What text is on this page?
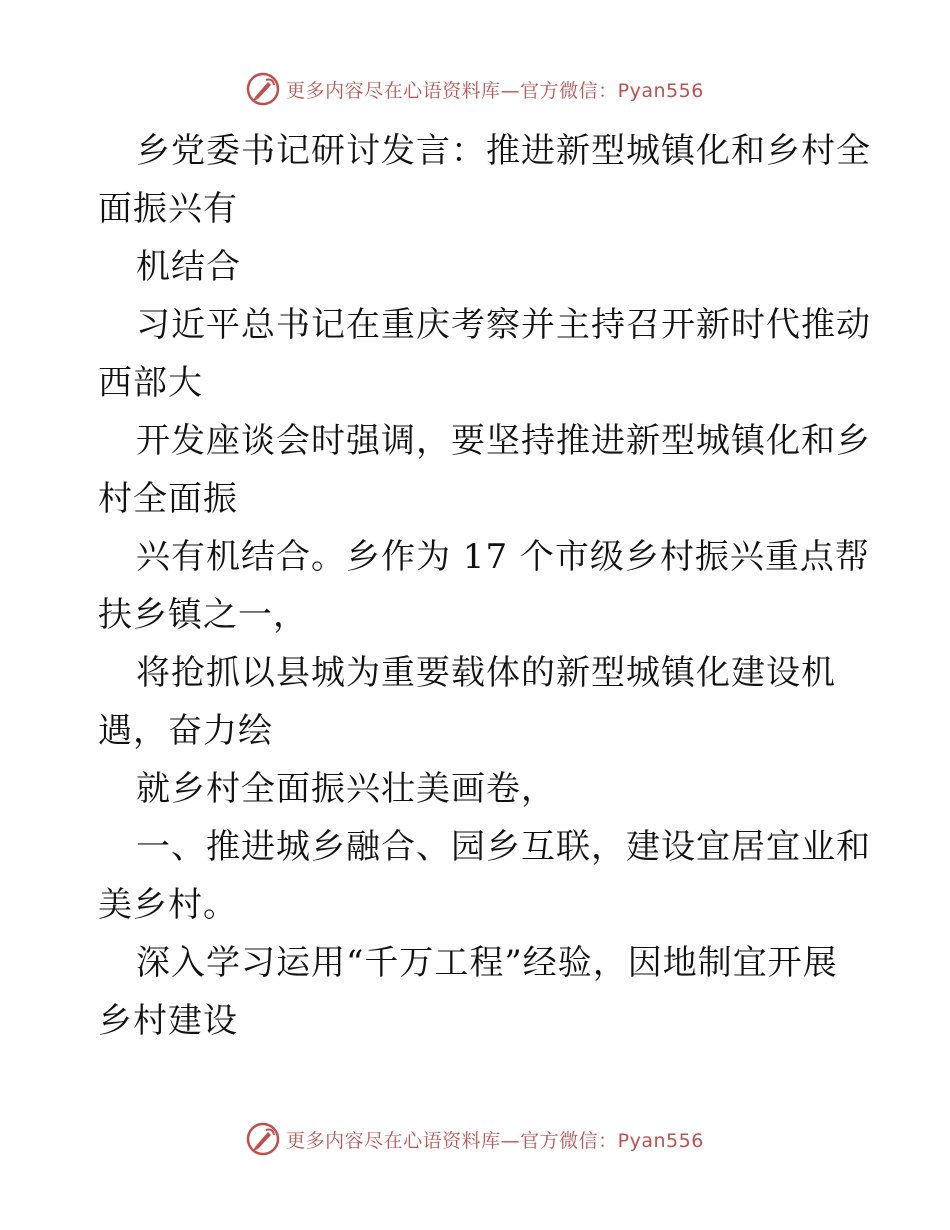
更多内容尽在心语资料库—官方微信：Pyan556
乡党委书记研讨发言：推进新型城镇化和乡村全
面振兴有
机结合
习近平总书记在重庆考察并主持召开新时代推动
西部大
开发座谈会时强调，要坚持推进新型城镇化和乡
村全面振
兴有机结合。乡作为 17 个市级乡村振兴重点帮
扶乡镇之一，
将抢抓以县城为重要载体的新型城镇化建设机
遇，奋力绘
就乡村全面振兴壮美画卷，
一、推进城乡融合、园乡互联，建设宜居宜业和
美乡村。
深入学习运用“千万工程”经验，因地制宜开展
乡村建设
更多内容尽在心语资料库—官方微信：Pyan556
